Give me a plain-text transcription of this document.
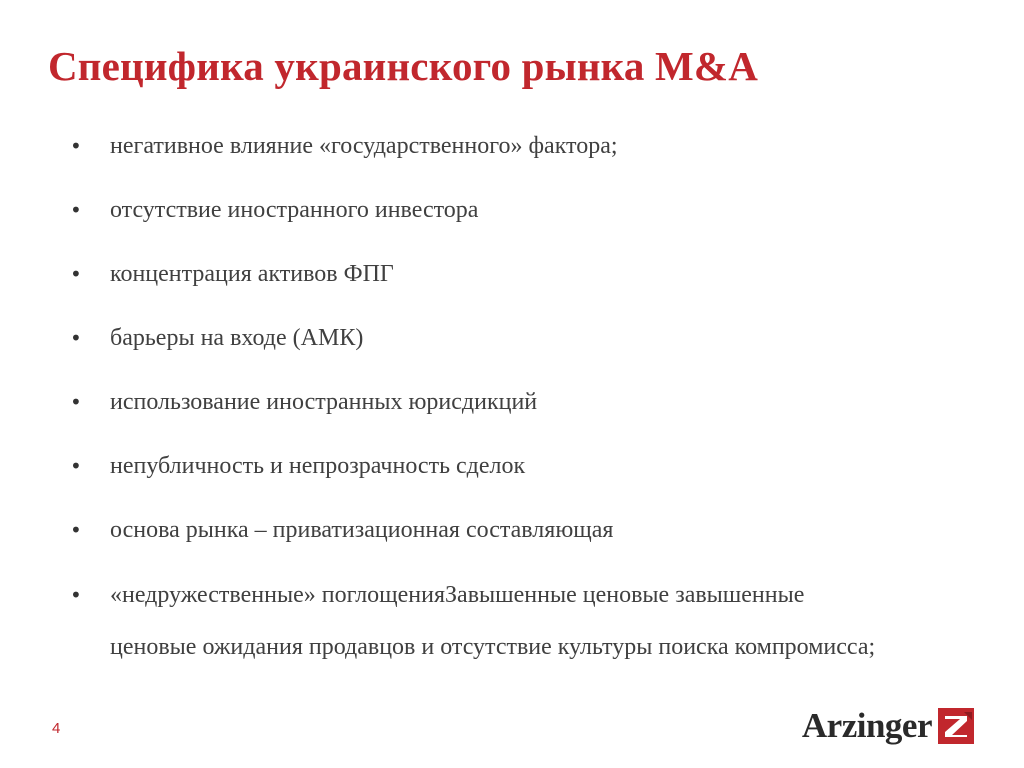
Специфика украинского рынка M&A
• негативное влияние «государственного» фактора;
• отсутствие иностранного инвестора
• концентрация активов ФПГ
• барьеры на входе (АМК)
• использование иностранных юрисдикций
• непубличность и непрозрачность сделок
• основа рынка – приватизационная составляющая
• «недружественные» поглощенияЗавышенные ценовые завышенные ценовые ожидания продавцов и отсутствие культуры поиска компромисса;
4	Arzinger
